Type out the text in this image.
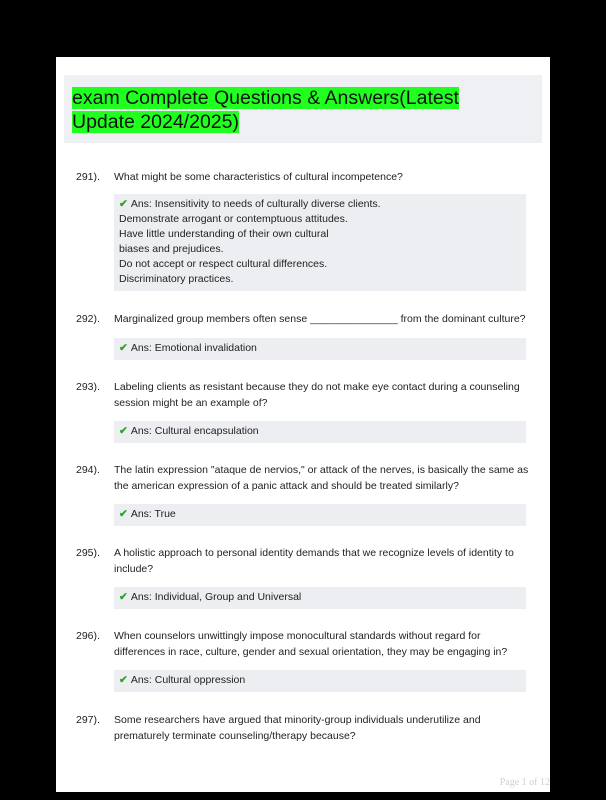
exam Complete Questions & Answers(Latest Update 2024/2025)
291). What might be some characteristics of cultural incompetence?
✔ Ans: Insensitivity to needs of culturally diverse clients.
Demonstrate arrogant or contemptuous attitudes.
Have little understanding of their own cultural
biases and prejudices.
Do not accept or respect cultural differences.
Discriminatory practices.
292). Marginalized group members often sense _______________ from the dominant culture?
✔ Ans: Emotional invalidation
293). Labeling clients as resistant because they do not make eye contact during a counseling session might be an example of?
✔ Ans: Cultural encapsulation
294). The latin expression "ataque de nervios," or attack of the nerves, is basically the same as the american expression of a panic attack and should be treated similarly?
✔ Ans: True
295). A holistic approach to personal identity demands that we recognize levels of identity to include?
✔ Ans: Individual, Group and Universal
296). When counselors unwittingly impose monocultural standards without regard for differences in race, culture, gender and sexual orientation, they may be engaging in?
✔ Ans: Cultural oppression
297). Some researchers have argued that minority-group individuals underutilize and prematurely terminate counseling/therapy because?
Page 1 of 12
